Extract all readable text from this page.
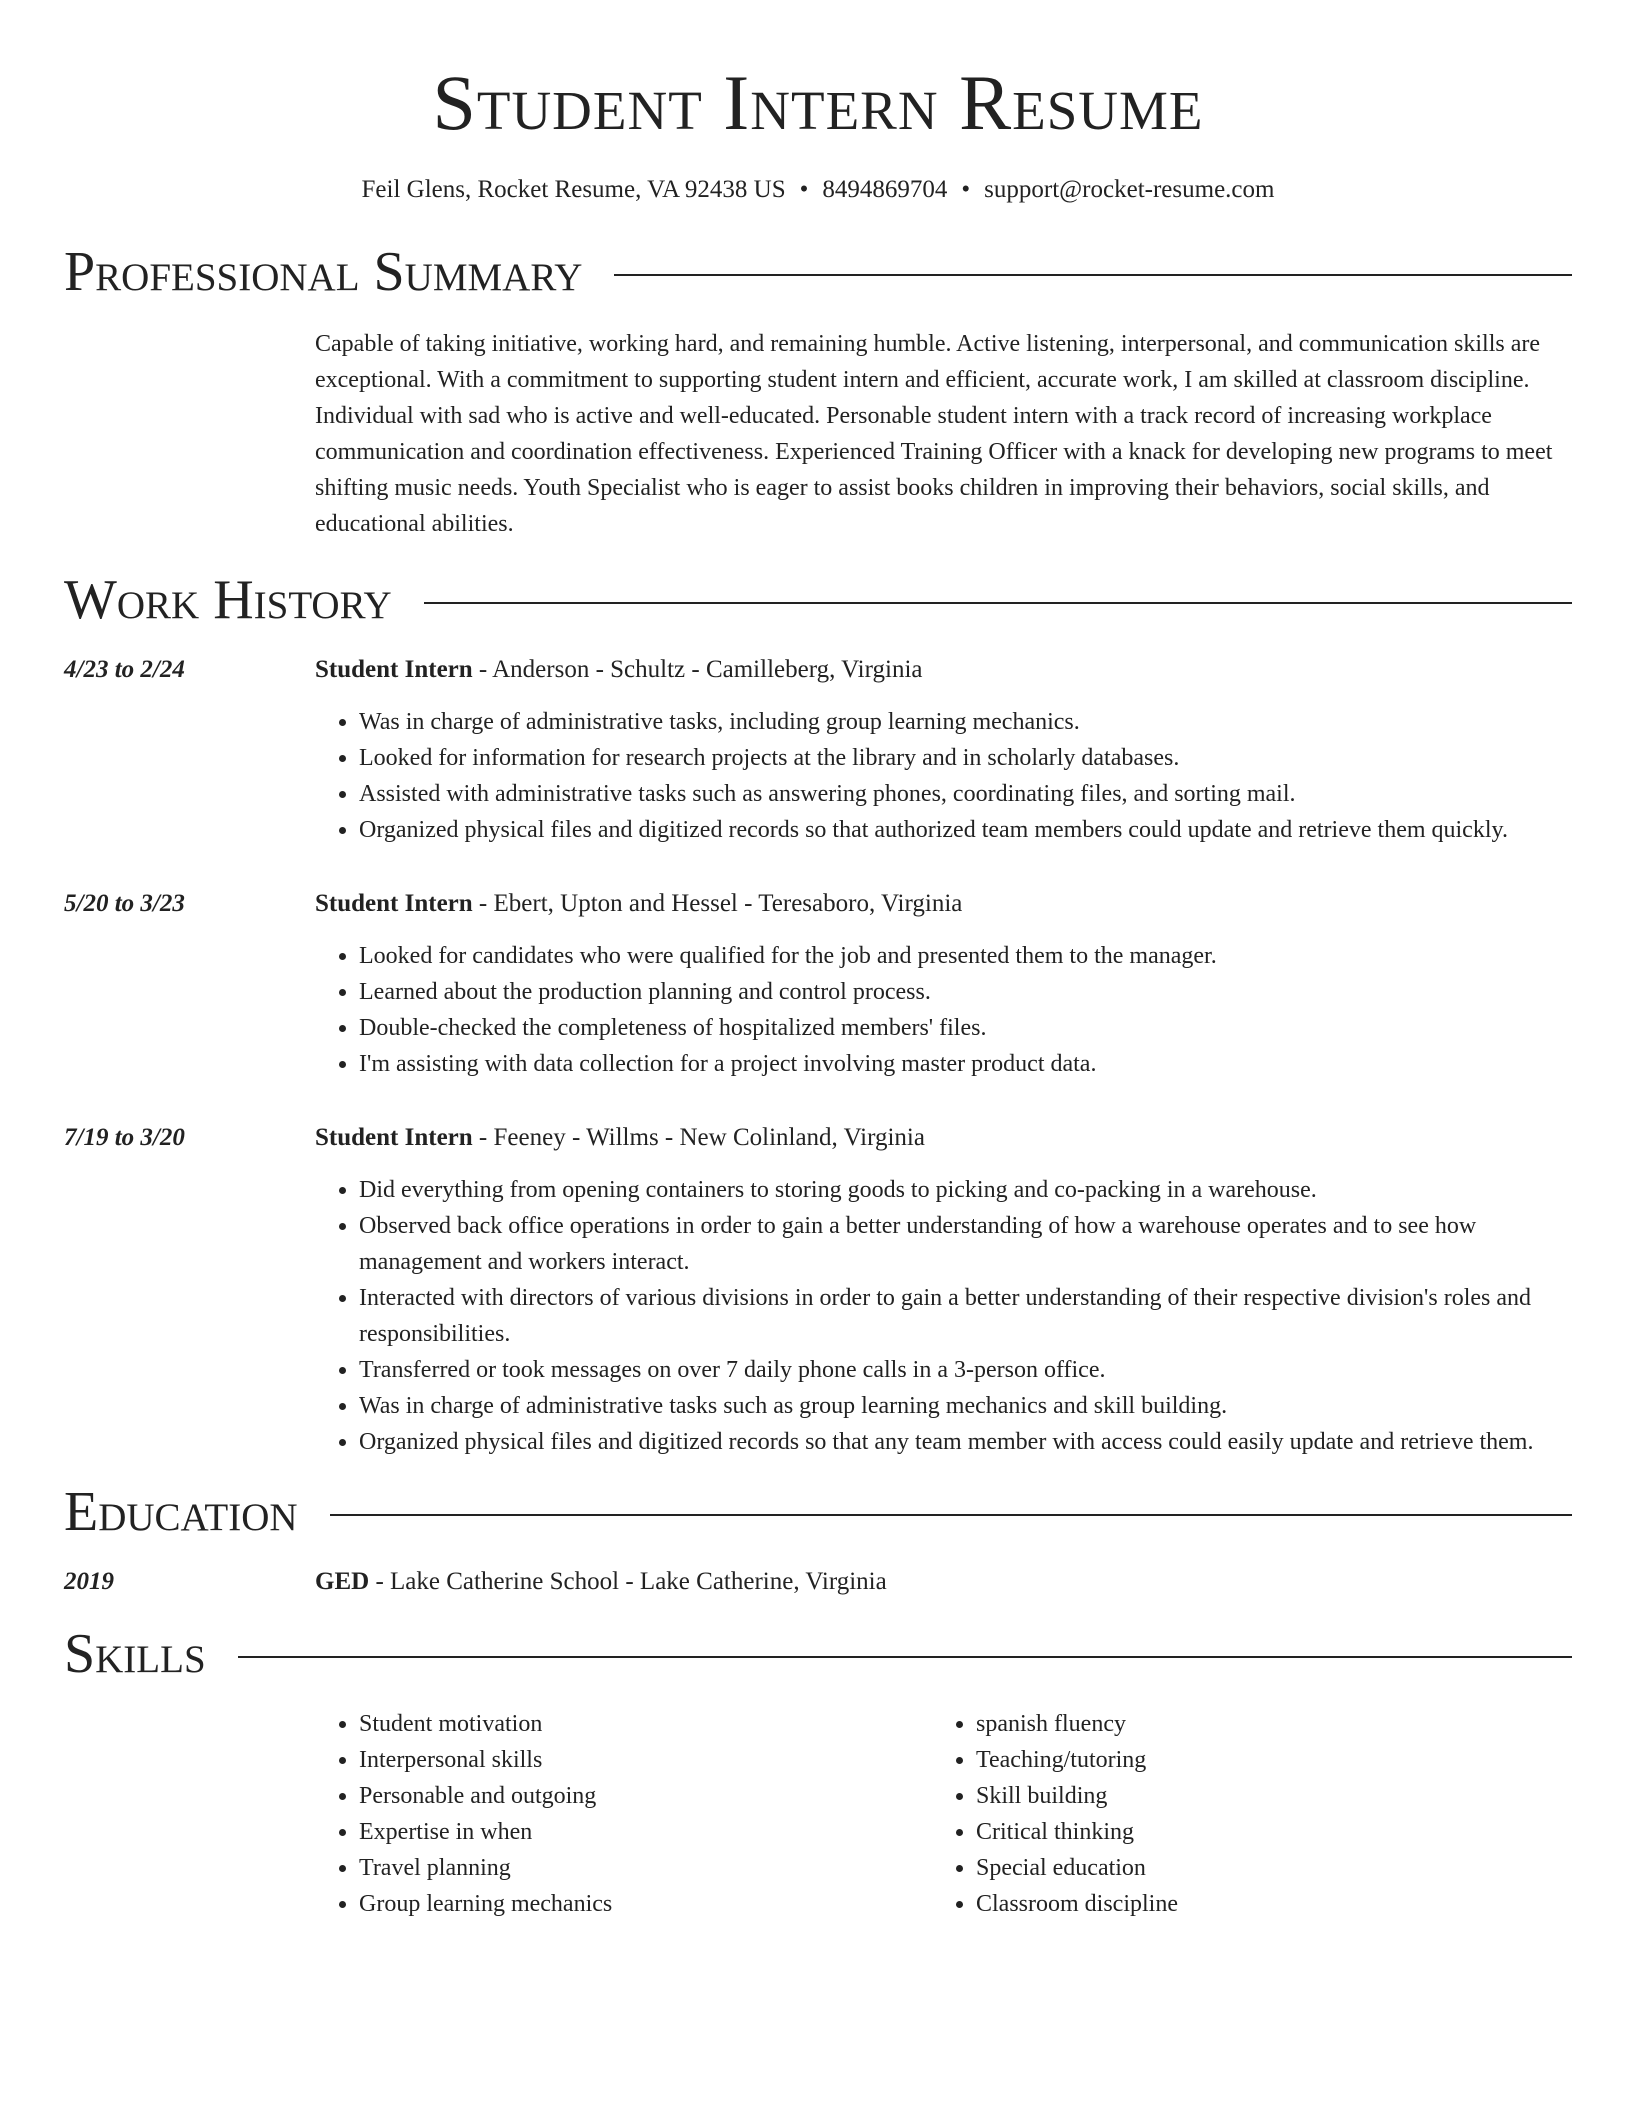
Student Intern Resume
Feil Glens, Rocket Resume, VA 92438 US • 8494869704 • support@rocket-resume.com
Professional Summary
Capable of taking initiative, working hard, and remaining humble. Active listening, interpersonal, and communication skills are exceptional. With a commitment to supporting student intern and efficient, accurate work, I am skilled at classroom discipline. Individual with sad who is active and well-educated. Personable student intern with a track record of increasing workplace communication and coordination effectiveness. Experienced Training Officer with a knack for developing new programs to meet shifting music needs. Youth Specialist who is eager to assist books children in improving their behaviors, social skills, and educational abilities.
Work History
4/23 to 2/24	Student Intern - Anderson - Schultz - Camilleberg, Virginia
• Was in charge of administrative tasks, including group learning mechanics.
• Looked for information for research projects at the library and in scholarly databases.
• Assisted with administrative tasks such as answering phones, coordinating files, and sorting mail.
• Organized physical files and digitized records so that authorized team members could update and retrieve them quickly.
5/20 to 3/23	Student Intern - Ebert, Upton and Hessel - Teresaboro, Virginia
• Looked for candidates who were qualified for the job and presented them to the manager.
• Learned about the production planning and control process.
• Double-checked the completeness of hospitalized members' files.
• I'm assisting with data collection for a project involving master product data.
7/19 to 3/20	Student Intern - Feeney - Willms - New Colinland, Virginia
• Did everything from opening containers to storing goods to picking and co-packing in a warehouse.
• Observed back office operations in order to gain a better understanding of how a warehouse operates and to see how management and workers interact.
• Interacted with directors of various divisions in order to gain a better understanding of their respective division's roles and responsibilities.
• Transferred or took messages on over 7 daily phone calls in a 3-person office.
• Was in charge of administrative tasks such as group learning mechanics and skill building.
• Organized physical files and digitized records so that any team member with access could easily update and retrieve them.
Education
2019	GED - Lake Catherine School - Lake Catherine, Virginia
Skills
• Student motivation
• Interpersonal skills
• Personable and outgoing
• Expertise in when
• Travel planning
• Group learning mechanics
• spanish fluency
• Teaching/tutoring
• Skill building
• Critical thinking
• Special education
• Classroom discipline
